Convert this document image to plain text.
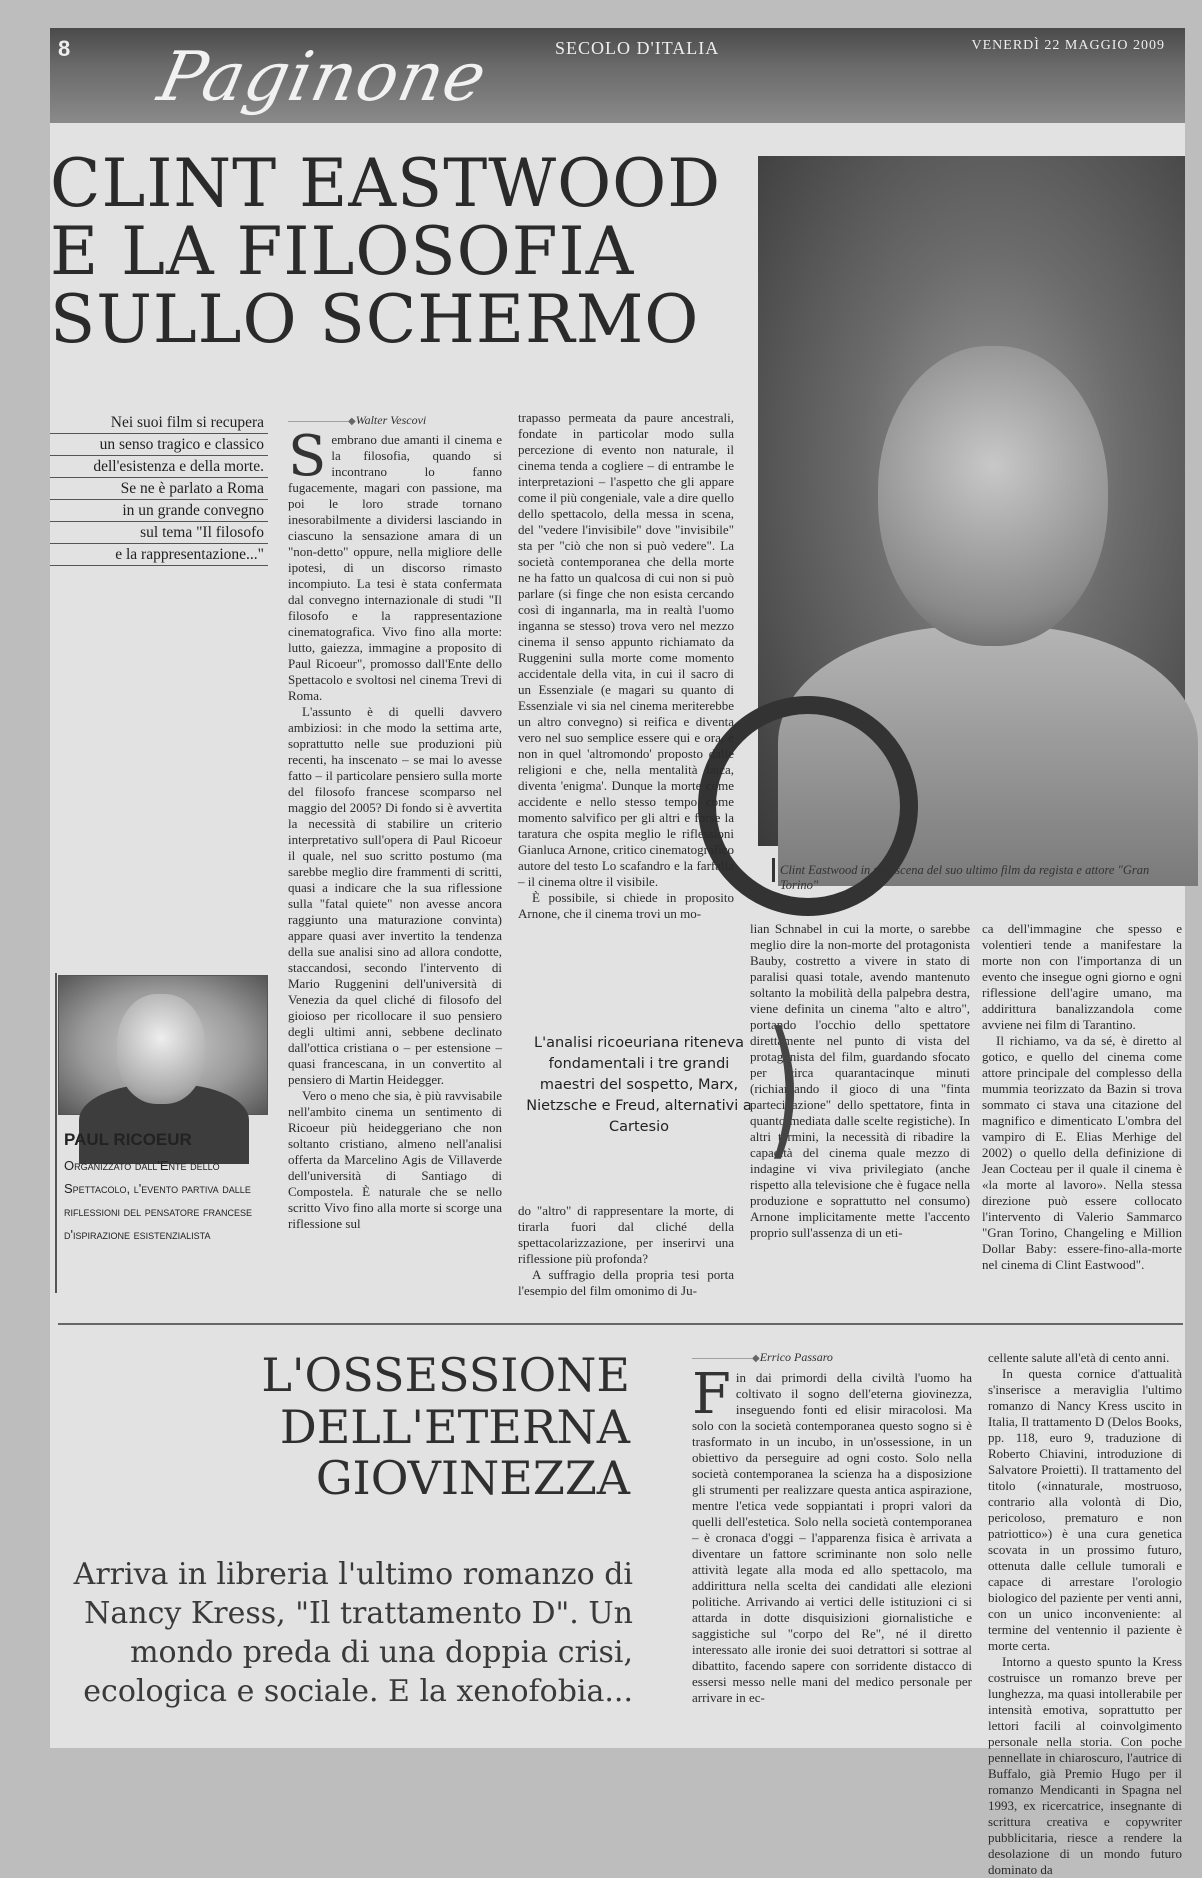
8 Paginone	SECOLO D'ITALIA	VENERDÌ 22 MAGGIO 2009
CLINT EASTWOOD
E LA FILOSOFIA
SULLO SCHERMO
Clint Eastwood in una scena del suo ultimo film da regista e attore "Gran Torino"
Nei suoi film si recupera
un senso tragico e classico
dell'esistenza e della morte.
Se ne è parlato a Roma
in un grande convegno
sul tema "Il filosofo
e la rappresentazione..."
——————◆ Walter Vescovi

Sembrano due amanti il cinema e la filosofia, quando si incontrano lo fanno fugacemente, magari con passione, ma poi le loro strade tornano inesorabilmente a dividersi lasciando in ciascuno la sensazione amara di un "non-detto" oppure, nella migliore delle ipotesi, di un discorso rimasto incompiuto. La tesi è stata confermata dal convegno internazionale di studi "Il filosofo e la rappresentazione cinematografica. Vivo fino alla morte: lutto, gaiezza, immagine a proposito di Paul Ricoeur", promosso dall'Ente dello Spettacolo e svoltosi nel cinema Trevi di Roma.

L'assunto è di quelli davvero ambiziosi: in che modo la settima arte, soprattutto nelle sue produzioni più recenti, ha inscenato – se mai lo avesse fatto – il particolare pensiero sulla morte del filosofo francese scomparso nel maggio del 2005? Di fondo si è avvertita la necessità di stabilire un criterio interpretativo sull'opera di Paul Ricoeur il quale, nel suo scritto postumo (ma sarebbe meglio dire frammenti di scritti, quasi a indicare che la sua riflessione sulla "fatal quiete" non avesse ancora raggiunto una maturazione convinta) appare quasi aver invertito la tendenza della sue analisi sino ad allora condotte, staccandosi, secondo l'intervento di Mario Ruggenini dell'università di Venezia da quel cliché di filosofo del gioioso per ricollocare il suo pensiero degli ultimi anni, sebbene declinato dall'ottica cristiana o – per estensione – quasi francescana, in un convertito al pensiero di Martin Heidegger.

Vero o meno che sia, è più ravvisabile nell'ambito cinema un sentimento di Ricoeur più heideggeriano che non soltanto cristiano, almeno nell'analisi offerta da Marcelino Agis de Villaverde dell'università di Santiago di Compostela. È naturale che se nello scritto Vivo fino alla morte si scorge una riflessione sul

trapasso permeata da paure ancestrali, fondate in particolar modo sulla percezione di evento non naturale, il cinema tenda a cogliere – di entrambe le interpretazioni – l'aspetto che gli appare come il più congeniale, vale a dire quello dello spettacolo, della messa in scena, del "vedere l'invisibile" dove "invisibile" sta per "ciò che non si può vedere". La società contemporanea che della morte ne ha fatto un qualcosa di cui non si può parlare (si finge che non esista cercando così di ingannarla, ma in realtà l'uomo inganna se stesso) trova vero nel mezzo cinema il senso appunto richiamato da Ruggenini sulla morte come momento accidentale della vita, in cui il sacro di un Essenziale (e magari su quanto di Essenziale vi sia nel cinema meriterebbe un altro convegno) si reifica e diventa vero nel suo semplice essere qui e ora, e non in quel 'altromondo' proposto dalle religioni e che, nella mentalità laica, diventa 'enigma'. Dunque la morte come accidente e nello stesso tempo come momento salvifico per gli altri e forse la taratura che ospita meglio le riflessioni Gianluca Arnone, critico cinematografico autore del testo Lo scafandro e la farfalla – il cinema oltre il visibile.

È possibile, si chiede in proposito Arnone, che il cinema trovi un mo-

do "altro" di rappresentare la morte, di tirarla fuori dal cliché della spettacolarizzazione, per inserirvi una riflessione più profonda?

A suffragio della propria tesi porta l'esempio del film omonimo di Ju-

lian Schnabel in cui la morte, o sarebbe meglio dire la non-morte del protagonista Bauby, costretto a vivere in stato di paralisi quasi totale, avendo mantenuto soltanto la mobilità della palpebra destra, viene definita un cinema "alto e altro", portando l'occhio dello spettatore direttamente nel punto di vista del protagonista del film, guardando sfocato per circa quarantacinque minuti (richiamando il gioco di una "finta partecipazione" dello spettatore, finta in quanto mediata dalle scelte registiche). In altri termini, la necessità di ribadire la capacità del cinema quale mezzo di indagine vi viva privilegiato (anche rispetto alla televisione che è fugace nella produzione e soprattutto nel consumo) Arnone implicitamente mette l'accento proprio sull'assenza di un eti-

ca dell'immagine che spesso e volentieri tende a manifestare la morte non con l'importanza di un evento che insegue ogni giorno e ogni riflessione dell'agire umano, ma addirittura banalizzandola come avviene nei film di Tarantino.

Il richiamo, va da sé, è diretto al gotico, e quello del cinema come attore principale del complesso della mummia teorizzato da Bazin si trova sommato ci stava una citazione del magnifico e dimenticato L'ombra del vampiro di E. Elias Merhige del 2002) o quello della definizione di Jean Cocteau per il quale il cinema è «la morte al lavoro». Nella stessa direzione può essere collocato l'intervento di Valerio Sammarco "Gran Torino, Changeling e Million Dollar Baby: essere-fino-alla-morte nel cinema di Clint Eastwood".

PAUL RICOEUR
Organizzato dall'Ente dello Spettacolo, l'evento partiva dalle riflessioni del pensatore francese d'ispirazione esistenzialista
L'analisi ricoeuriana riteneva fondamentali i tre grandi maestri del sospetto, Marx, Nietzsche e Freud, alternativi a Cartesio )
L'OSSESSIONE
DELL'ETERNA
GIOVINEZZA
Arriva in libreria l'ultimo romanzo di Nancy Kress, "Il trattamento D". Un mondo preda di una doppia crisi, ecologica e sociale. E la xenofobia...
——————◆ Errico Passaro

Fin dai primordi della civiltà l'uomo ha coltivato il sogno dell'eterna giovinezza, inseguendo fonti ed elisir miracolosi. Ma solo con la società contemporanea questo sogno si è trasformato in un incubo, in un'ossessione, in un obiettivo da perseguire ad ogni costo. Solo nella società contemporanea la scienza ha a disposizione gli strumenti per realizzare questa antica aspirazione, mentre l'etica vede soppiantati i propri valori da quelli dell'estetica. Solo nella società contemporanea – è cronaca d'oggi – l'apparenza fisica è arrivata a diventare un fattore scriminante non solo nelle attività legate alla moda ed allo spettacolo, ma addirittura nella scelta dei candidati alle elezioni politiche. Arrivando ai vertici delle istituzioni ci si attarda in dotte disquisizioni giornalistiche e saggistiche sul "corpo del Re", né il diretto interessato alle ironie dei suoi detrattori si sottrae al dibattito, facendo sapere con sorridente distacco di essersi messo nelle mani del medico personale per arrivare in ec-

cellente salute all'età di cento anni.

In questa cornice d'attualità s'inserisce a meraviglia l'ultimo romanzo di Nancy Kress uscito in Italia, Il trattamento D (Delos Books, pp. 118, euro 9, traduzione di Roberto Chiavini, introduzione di Salvatore Proietti). Il trattamento del titolo («innaturale, mostruoso, contrario alla volontà di Dio, pericoloso, prematuro e non patriottico») è una cura genetica scovata in un prossimo futuro, ottenuta dalle cellule tumorali e capace di arrestare l'orologio biologico del paziente per venti anni, con un unico inconveniente: al termine del ventennio il paziente è morte certa.

Intorno a questo spunto la Kress costruisce un romanzo breve per lunghezza, ma quasi intollerabile per intensità emotiva, soprattutto per lettori facili al coinvolgimento personale nella storia. Con poche pennellate in chiaroscuro, l'autrice di Buffalo, già Premio Hugo per il romanzo Mendicanti in Spagna nel 1993, ex ricercatrice, insegnante di scrittura creativa e copywriter pubblicitaria, riesce a rendere la desolazione di un mondo futuro dominato da
